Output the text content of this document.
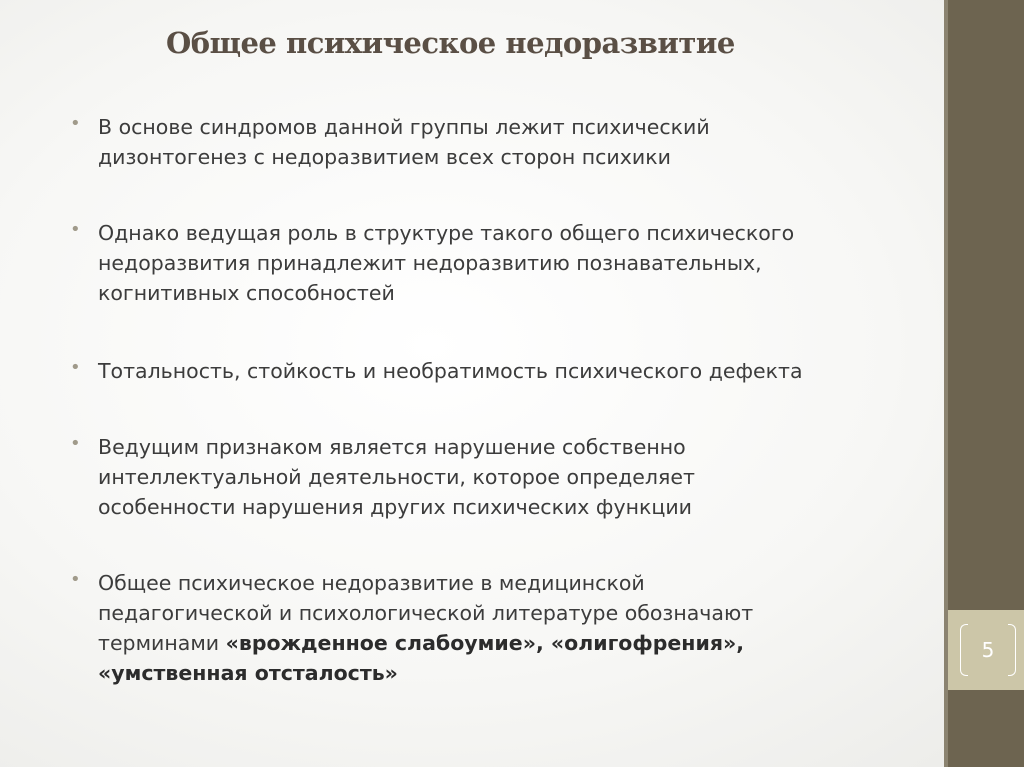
5
Общее психическое недоразвитие
• В основе синдромов данной группы лежит психический
дизонтогенез с недоразвитием всех сторон психики
• Однако ведущая роль в структуре такого общего психического
недоразвития принадлежит недоразвитию познавательных,
когнитивных способностей
• Тотальность, стойкость и необратимость психического дефекта
• Ведущим признаком является нарушение собственно
интеллектуальной деятельности, которое определяет
особенности нарушения других психических функции
• Общее психическое недоразвитие в медицинской
педагогической и психологической литературе обозначают
терминами «врожденное слабоумие», «олигофрения»,
«умственная отсталость»
